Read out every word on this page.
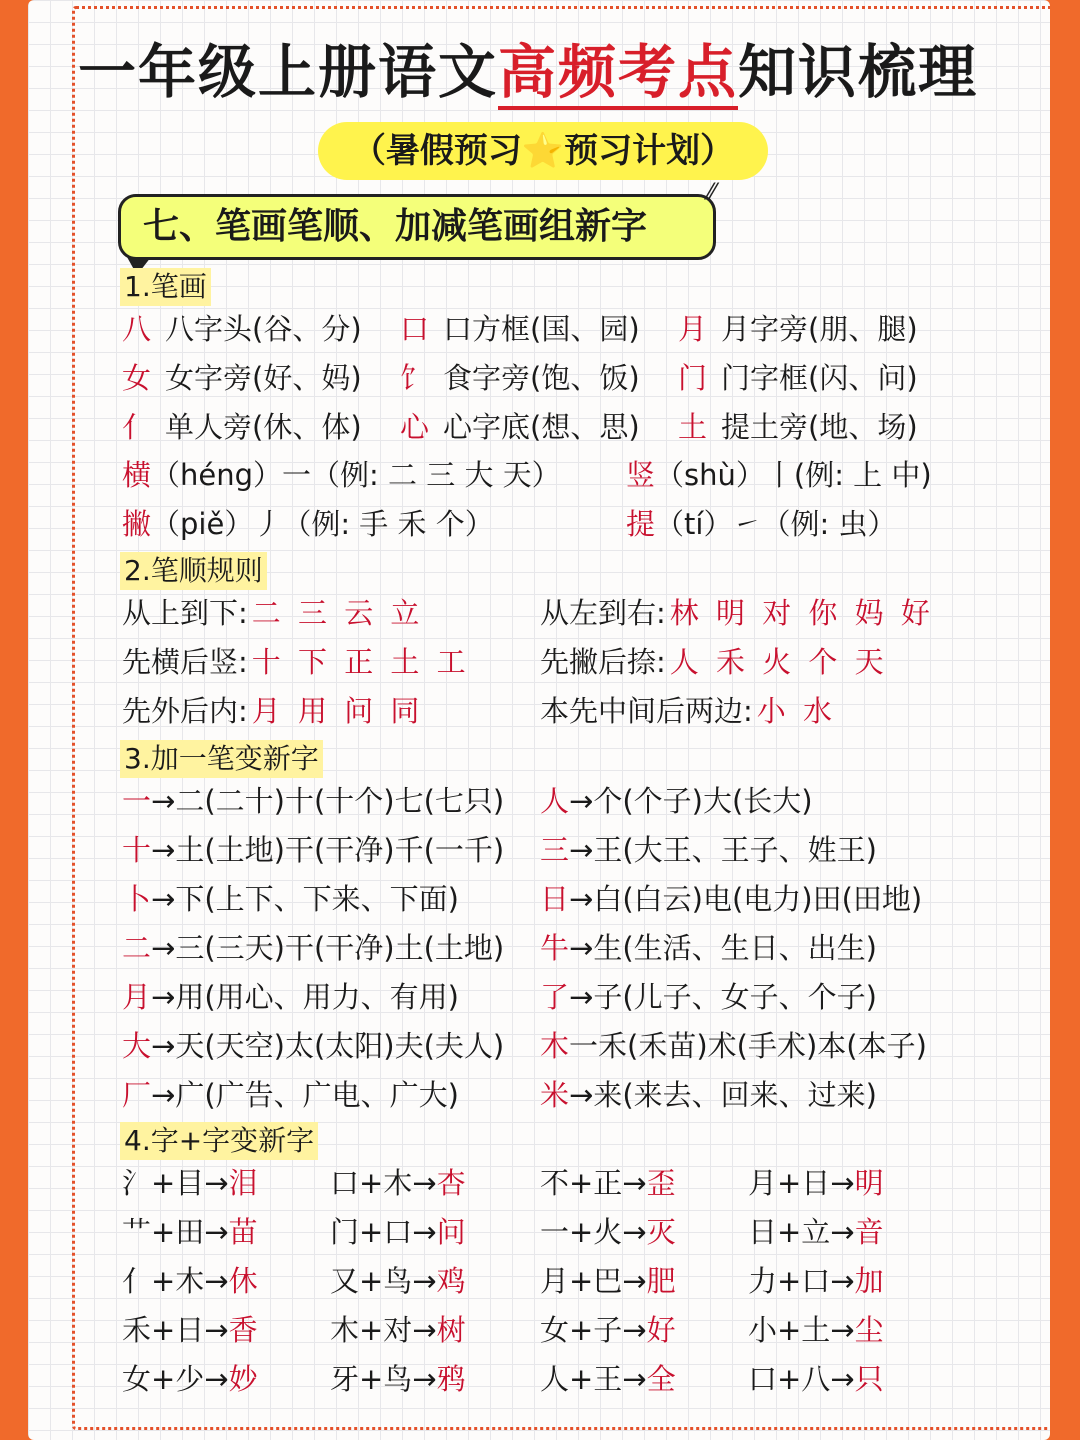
一年级上册语文高频考点知识梳理
（暑假预习⭐预习计划）
七、笔画笔顺、加减笔画组新字
⁄⁄
1.笔画
八 八字头(谷、分) 口 口方框(国、园) 月 月字旁(朋、腿)
女 女字旁(好、妈) 饣 食字旁(饱、饭) 门 门字框(闪、问)
亻 单人旁(休、体) 心 心字底(想、思) 土 提土旁(地、场)
横（héng）一（例: 二 三 大 天） 竖（shù）丨(例: 上 中)
撇（piě）丿（例: 手 禾 个）	提（tí）㇀（例: 虫）
2.笔顺规则
从上到下: 二 三 云 立	从左到右: 林 明 对 你 妈 好
先横后竖: 十 下 正 土 工 先撇后捺: 人 禾 火 个 天
先外后内: 月 用 问 同	本先中间后两边: 小 水
3.加一笔变新字
一→二(二十)十(十个)七(七只) 人→个(个子)大(长大)
十→土(土地)干(干净)千(一千) 三→王(大王、王子、姓王)
卜→下(上下、下来、下面)	日→白(白云)电(电力)田(田地)
二→三(三天)干(干净)土(土地) 牛→生(生活、生日、出生)
月→用(用心、用力、有用)	了→子(儿子、女子、个子)
大→天(天空)太(太阳)夫(夫人) 木一禾(禾苗)术(手术)本(本子)
厂→广(广告、广电、广大)	米→来(来去、回来、过来)
4.字+字变新字
氵+目→泪 口+木→杏	不+正→歪 月+日→明
艹+田→苗 门+口→问	一+火→灭 日+立→音
亻+木→休 又+鸟→鸡	月+巴→肥 力+口→加
禾+日→香 木+对→树	女+子→好 小+土→尘
女+少→妙 牙+鸟→鸦	人+王→全 口+八→只
